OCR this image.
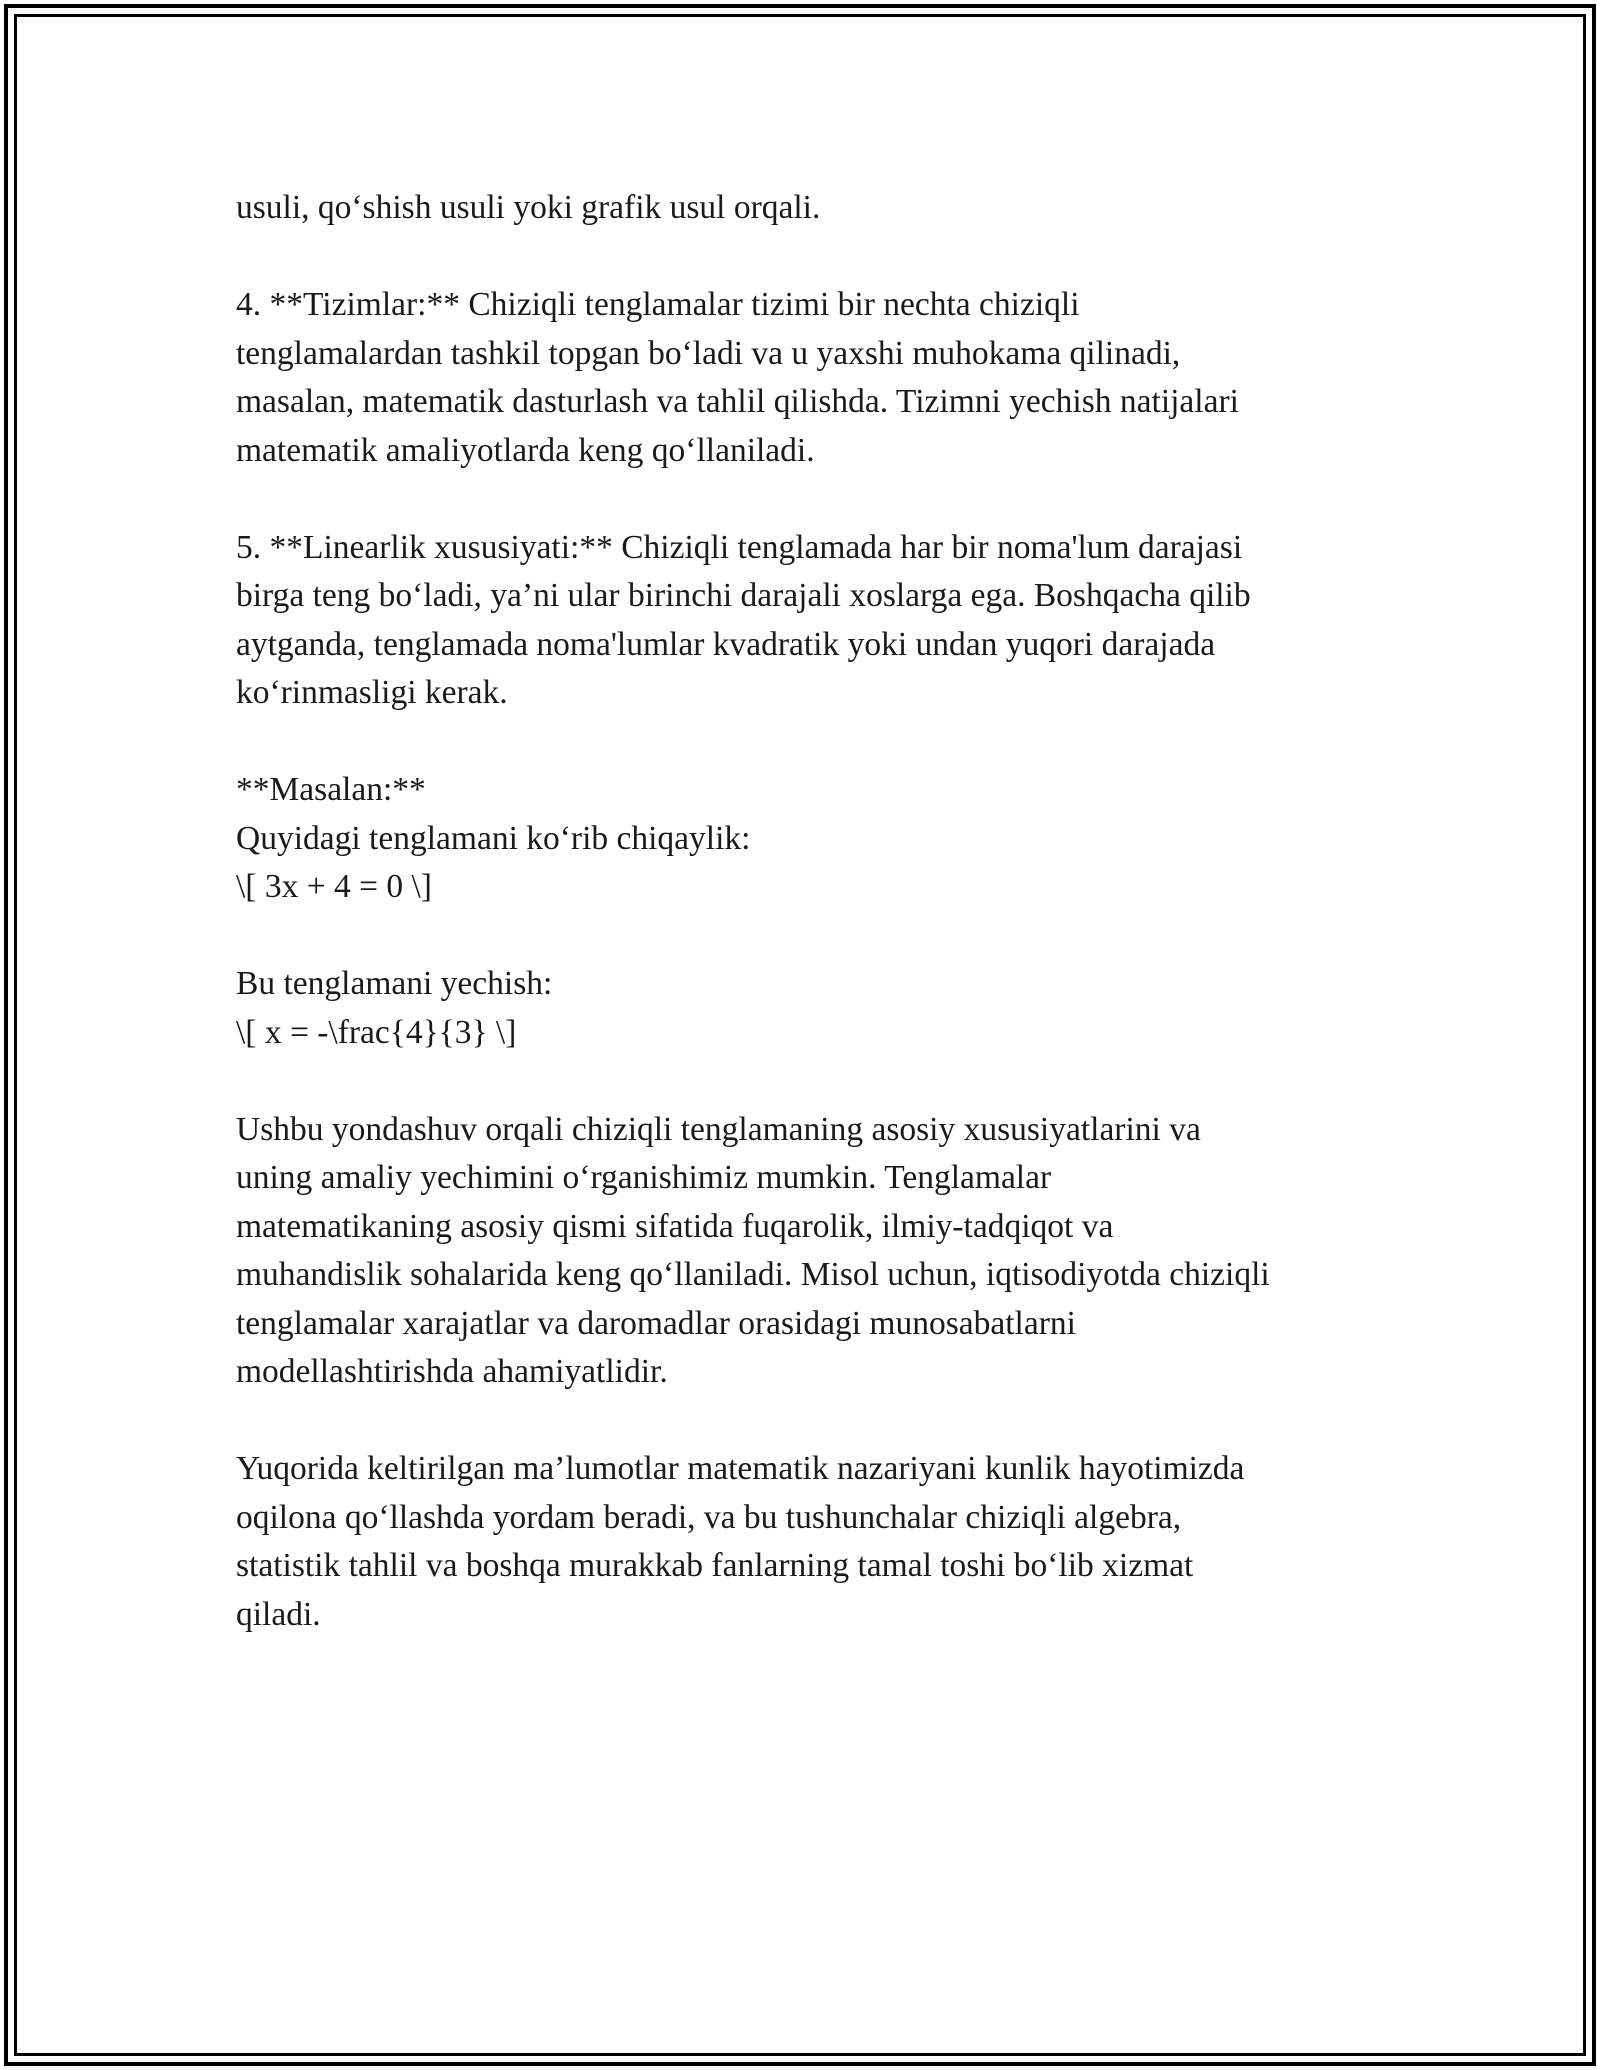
usuli, qo‘shish usuli yoki grafik usul orqali.
4. **Tizimlar:** Chiziqli tenglamalar tizimi bir nechta chiziqli
tenglamalardan tashkil topgan bo‘ladi va u yaxshi muhokama qilinadi,
masalan, matematik dasturlash va tahlil qilishda. Tizimni yechish natijalari
matematik amaliyotlarda keng qo‘llaniladi.
5. **Linearlik xususiyati:** Chiziqli tenglamada har bir noma'lum darajasi
birga teng bo‘ladi, ya’ni ular birinchi darajali xoslarga ega. Boshqacha qilib
aytganda, tenglamada noma'lumlar kvadratik yoki undan yuqori darajada
ko‘rinmasligi kerak.
**Masalan:**
Quyidagi tenglamani ko‘rib chiqaylik:
\[ 3x + 4 = 0 \]
Bu tenglamani yechish:
\[ x = -\frac{4}{3} \]
Ushbu yondashuv orqali chiziqli tenglamaning asosiy xususiyatlarini va
uning amaliy yechimini o‘rganishimiz mumkin. Tenglamalar
matematikaning asosiy qismi sifatida fuqarolik, ilmiy-tadqiqot va
muhandislik sohalarida keng qo‘llaniladi. Misol uchun, iqtisodiyotda chiziqli
tenglamalar xarajatlar va daromadlar orasidagi munosabatlarni
modellashtirishda ahamiyatlidir.
Yuqorida keltirilgan ma’lumotlar matematik nazariyani kunlik hayotimizda
oqilona qo‘llashda yordam beradi, va bu tushunchalar chiziqli algebra,
statistik tahlil va boshqa murakkab fanlarning tamal toshi bo‘lib xizmat
qiladi.
